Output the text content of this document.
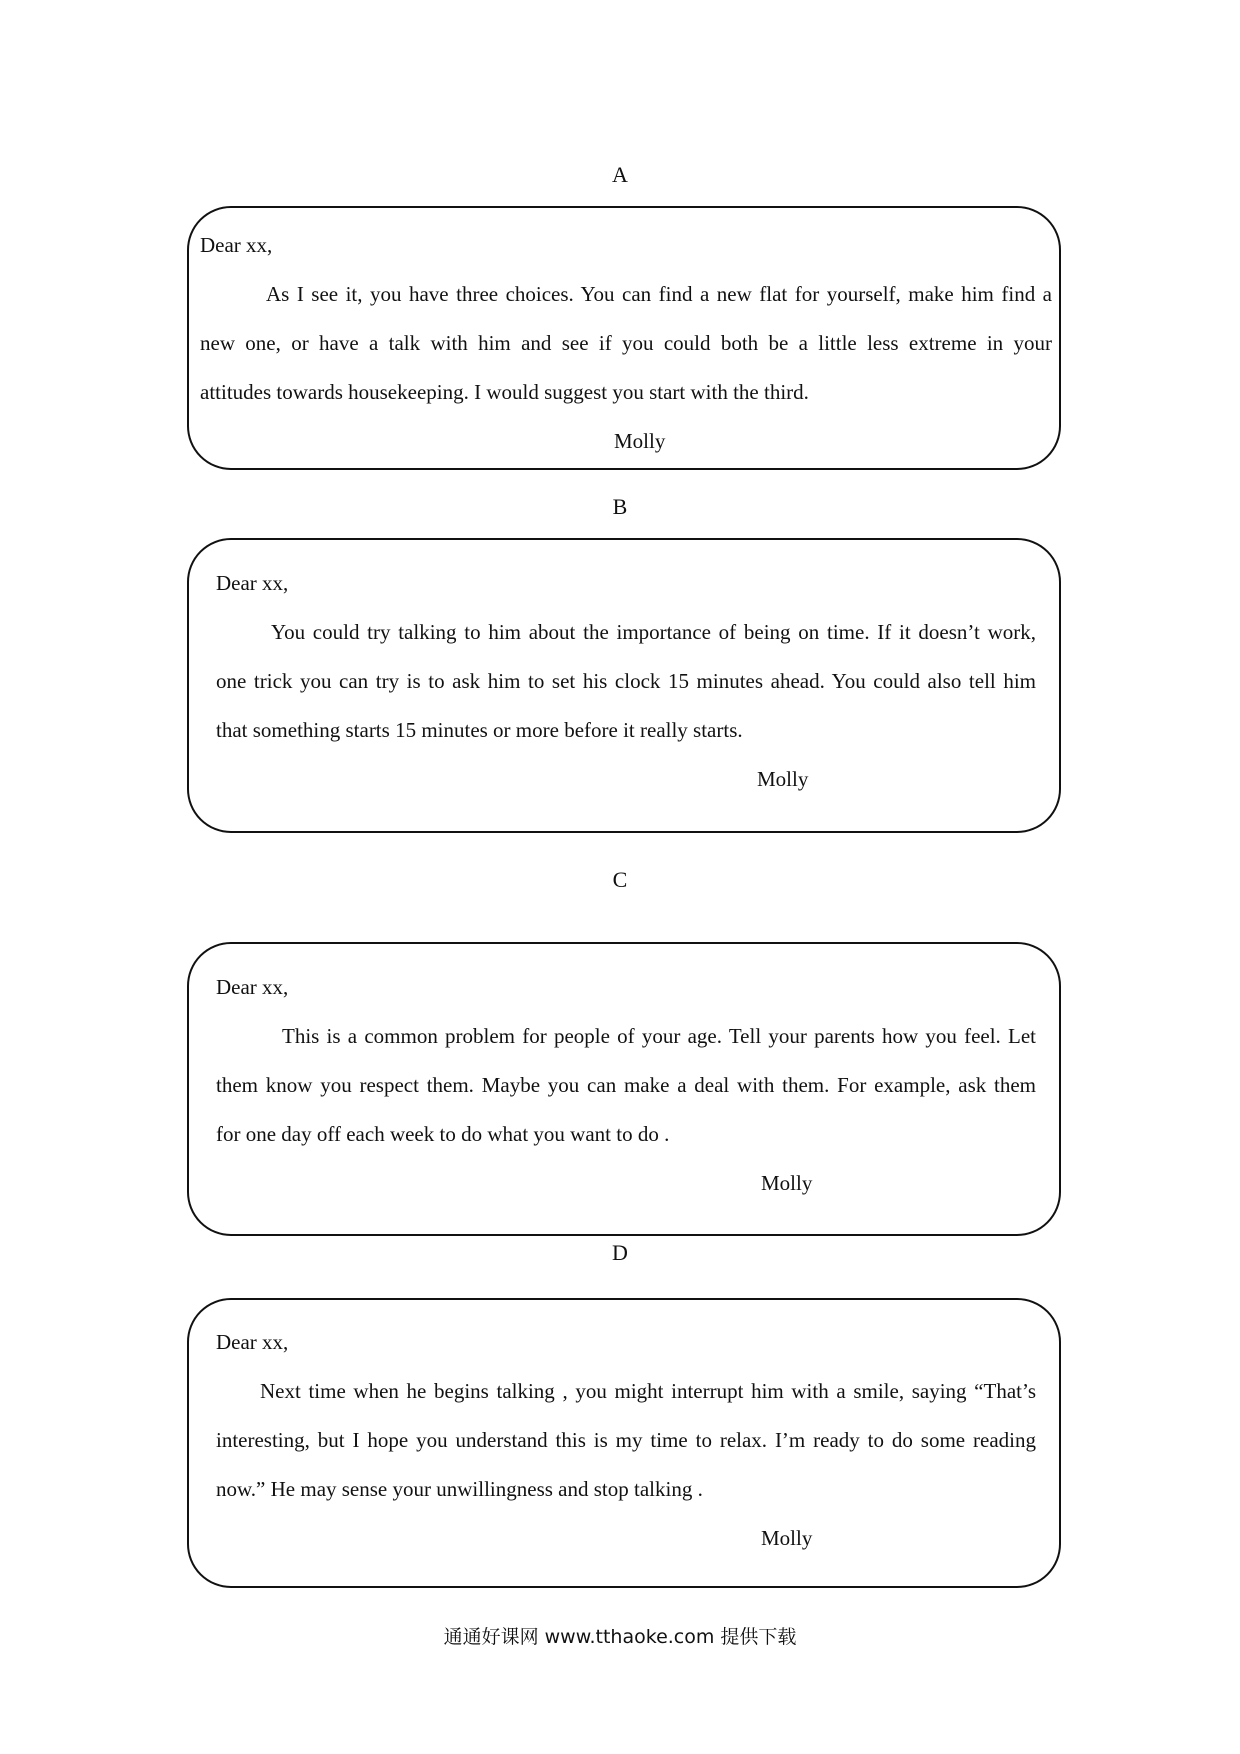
A
Dear xx,
As I see it, you have three choices. You can find a new flat for yourself, make him find a
new one, or have a talk with him and see if you could both be a little less extreme in your
attitudes towards housekeeping. I would suggest you start with the third.
Molly
B
Dear xx,
You could try talking to him about the importance of being on time. If it doesn’t work,
one trick you can try is to ask him to set his clock 15 minutes ahead. You could also tell him
that something starts 15 minutes or more before it really starts.
Molly
C
Dear xx,
This is a common problem for people of your age. Tell your parents how you feel. Let
them know you respect them. Maybe you can make a deal with them. For example, ask them
for one day off each week to do what you want to do .
Molly
D
Dear xx,
Next time when he begins talking , you might interrupt him with a smile, saying “That’s
interesting, but I hope you understand this is my time to relax. I’m ready to do some reading
now.” He may sense your unwillingness and stop talking .
Molly
通通好课网 www.tthaoke.com 提供下载
